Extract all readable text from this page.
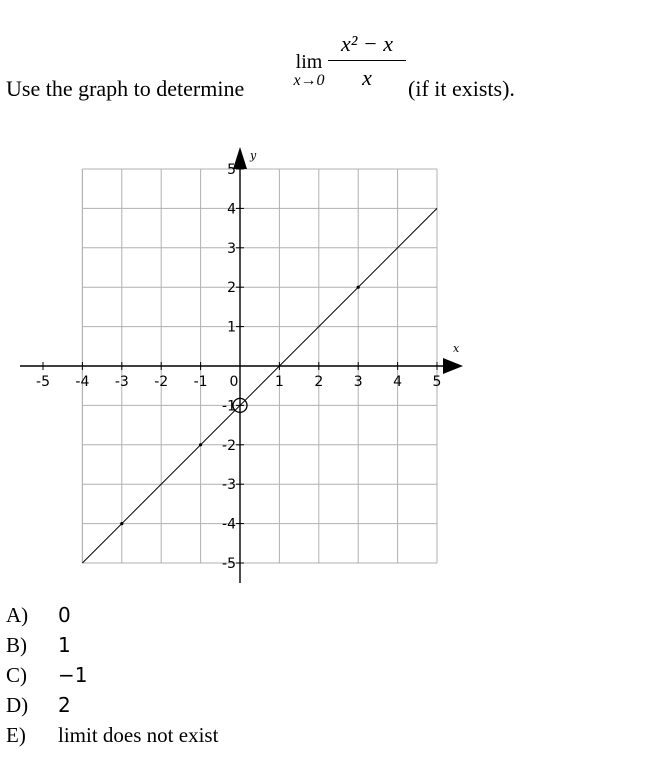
Use the graph to determine
lim
x→0
x² − x
x	(if it exists).
-5 -4 -3 -2 -1 0	1 2 3 4 5
5
4
3
2
1
-1
-2
-3
-4
-5
x
y
A) 0
B) 1
C) −1
D) 2
E) limit does not exist
